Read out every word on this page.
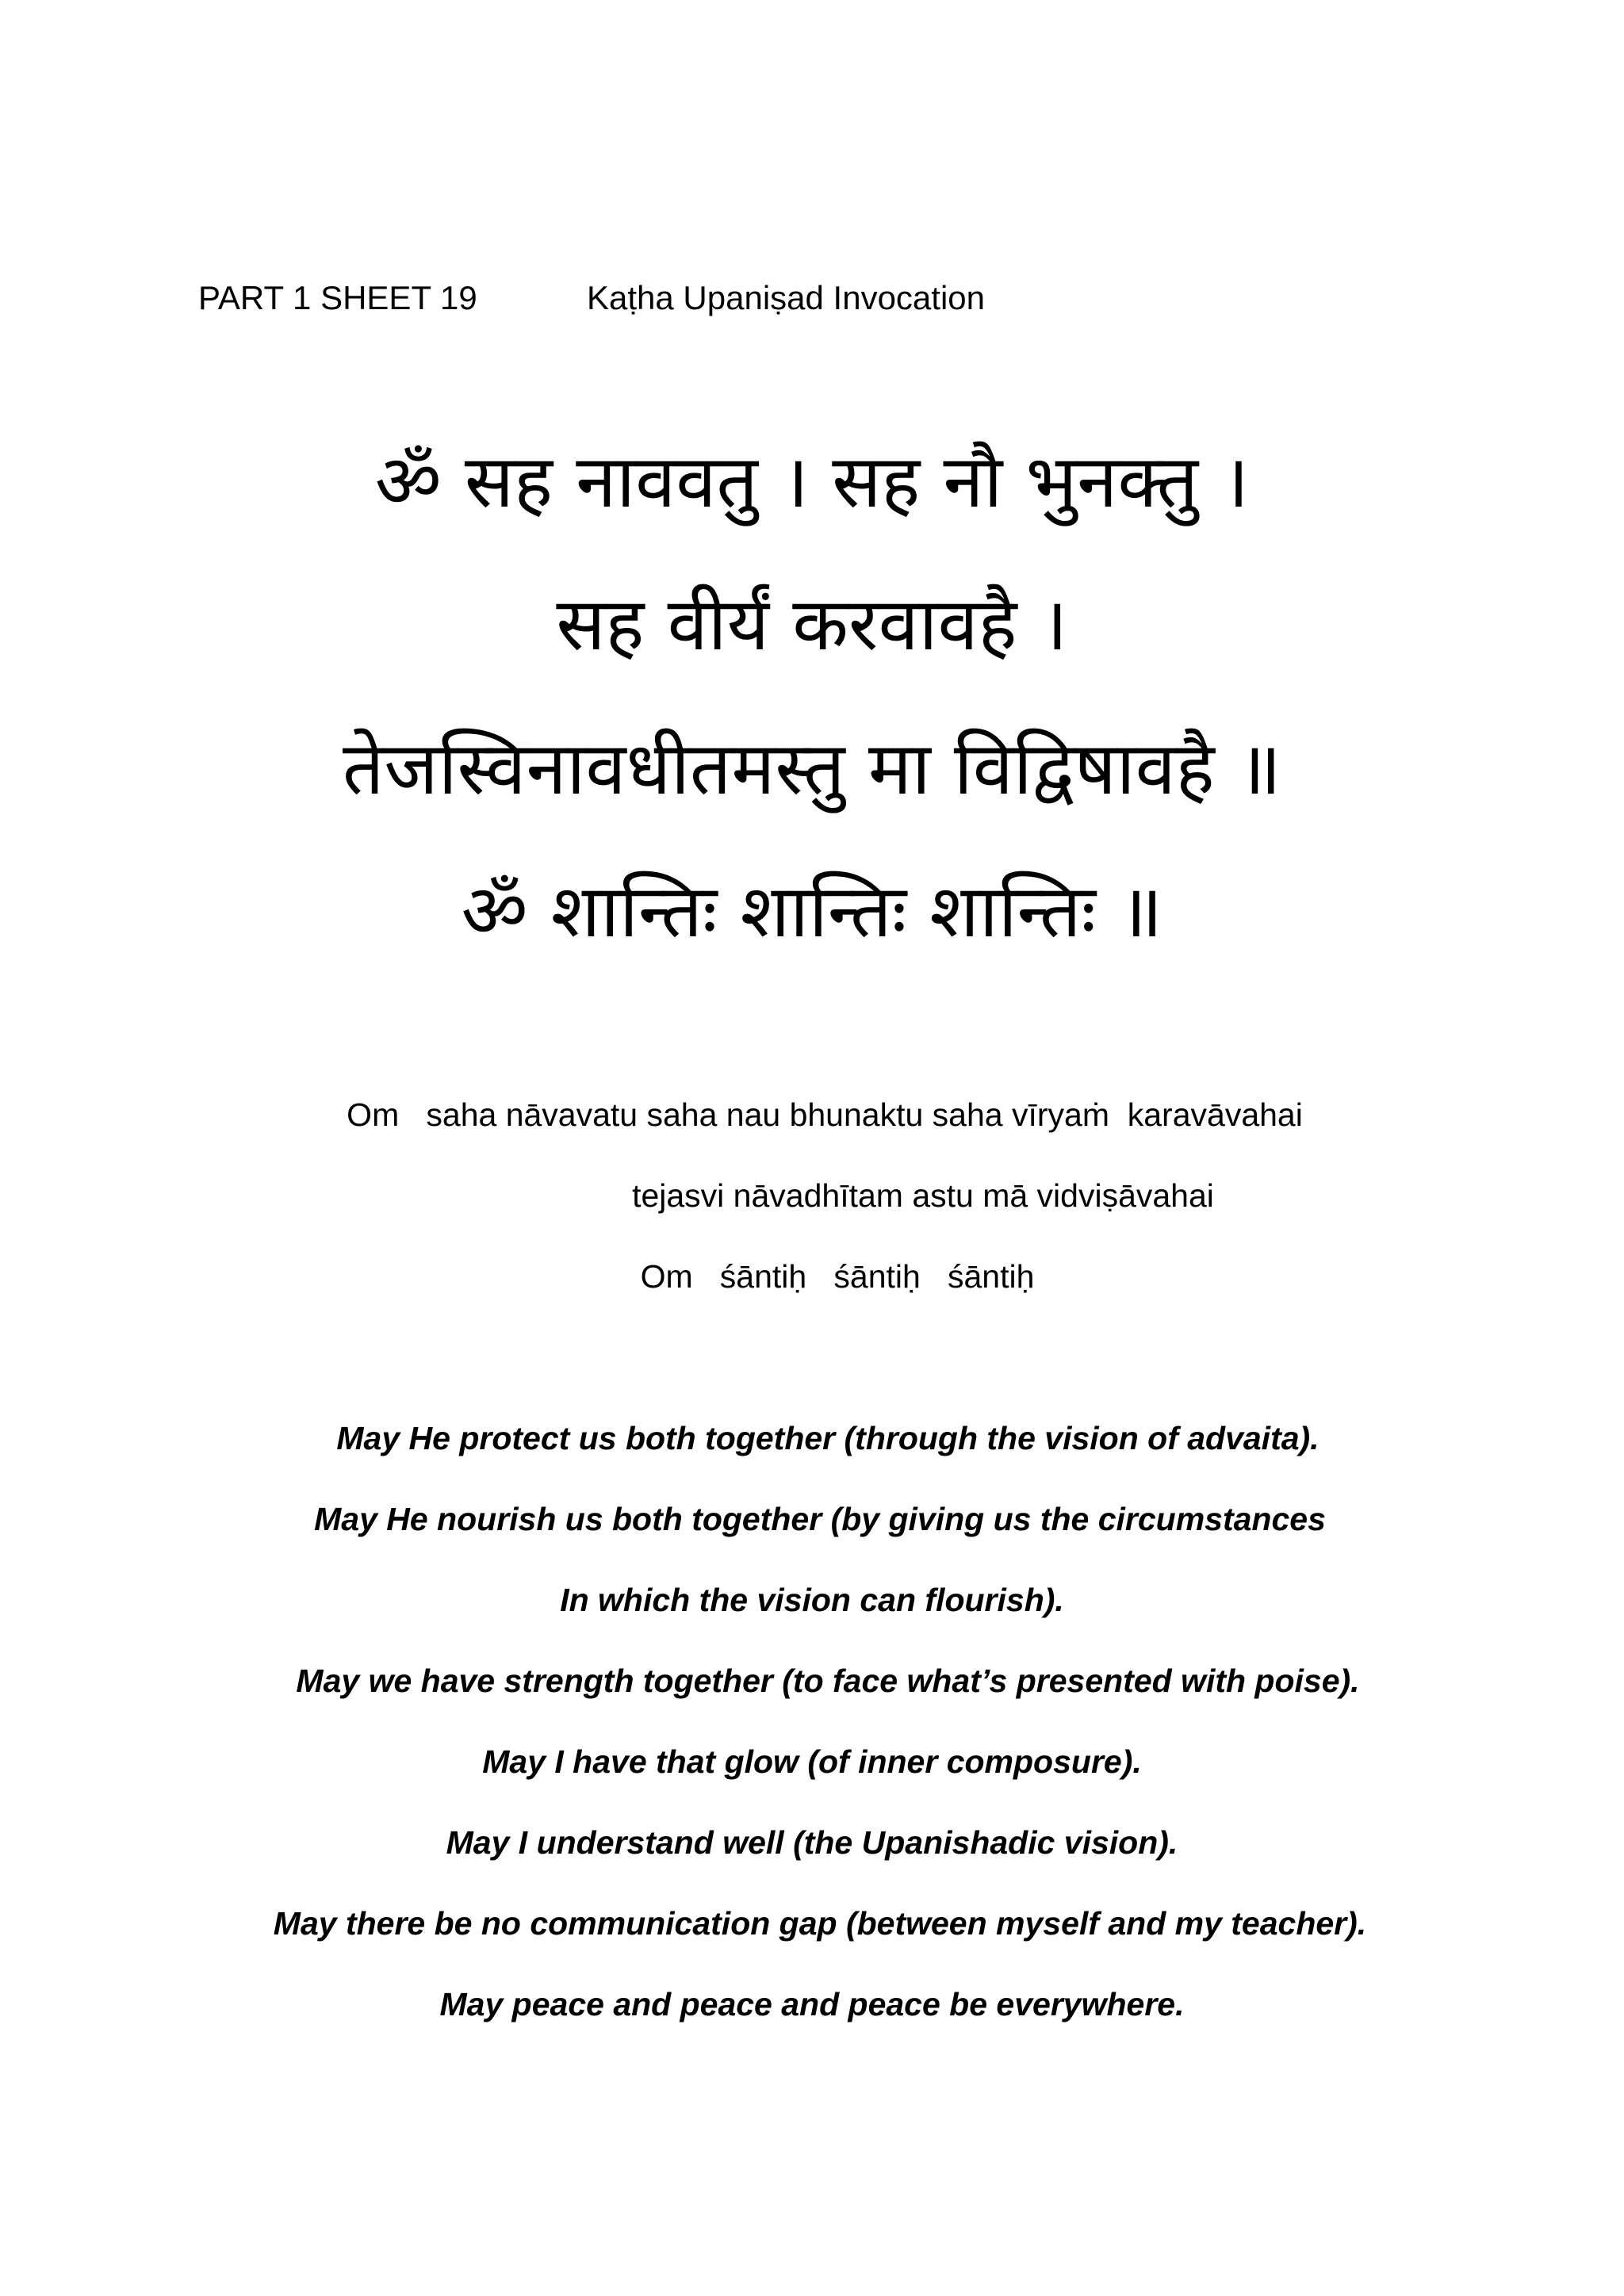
PART 1 SHEET 19	Kaṭha Upaniṣad Invocation
ॐ सह नाववतु । सह नौ भुनक्तु ।
सह वीर्यं करवावहै ।
तेजस्विनावधीतमस्तु मा विद्विषावहै ॥
ॐ शान्तिः शान्तिः शान्तिः ॥
Om   saha nāvavatu saha nau bhunaktu saha vīryaṁ  karavāvahai
tejasvi nāvadhītam astu mā vidviṣāvahai
Om   śāntiḥ   śāntiḥ   śāntiḥ
May He protect us both together (through the vision of advaita).
May He nourish us both together (by giving us the circumstances
In which the vision can flourish).
May we have strength together (to face what’s presented with poise).
May I have that glow (of inner composure).
May I understand well (the Upanishadic vision).
May there be no communication gap (between myself and my teacher).
May peace and peace and peace be everywhere.
